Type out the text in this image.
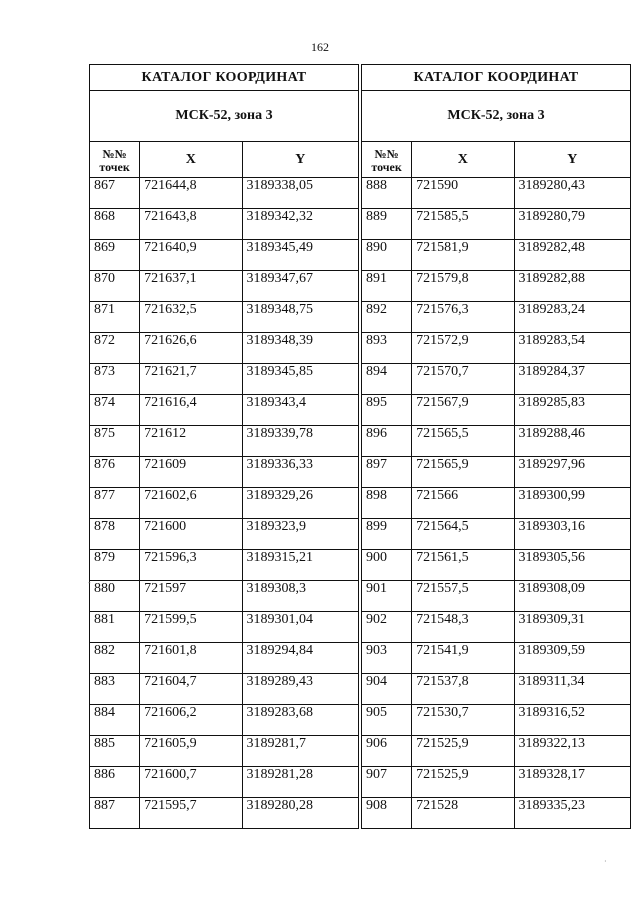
162
КАТАЛОГ КООРДИНАТ		
МСК-52, зона 3		
№№ точек	X	Y
867	721644,8	3189338,05
868	721643,8	3189342,32
869	721640,9	3189345,49
870	721637,1	3189347,67
871	721632,5	3189348,75
872	721626,6	3189348,39
873	721621,7	3189345,85
874	721616,4	3189343,4
875	721612	3189339,78
876	721609	3189336,33
877	721602,6	3189329,26
878	721600	3189323,9
879	721596,3	3189315,21
880	721597	3189308,3
881	721599,5	3189301,04
882	721601,8	3189294,84
883	721604,7	3189289,43
884	721606,2	3189283,68
885	721605,9	3189281,7
886	721600,7	3189281,28
887	721595,7	3189280,28
КАТАЛОГ КООРДИНАТ		
МСК-52, зона 3		
№№ точек	X	Y
888	721590	3189280,43
889	721585,5	3189280,79
890	721581,9	3189282,48
891	721579,8	3189282,88
892	721576,3	3189283,24
893	721572,9	3189283,54
894	721570,7	3189284,37
895	721567,9	3189285,83
896	721565,5	3189288,46
897	721565,9	3189297,96
898	721566	3189300,99
899	721564,5	3189303,16
900	721561,5	3189305,56
901	721557,5	3189308,09
902	721548,3	3189309,31
903	721541,9	3189309,59
904	721537,8	3189311,34
905	721530,7	3189316,52
906	721525,9	3189322,13
907	721525,9	3189328,17
908	721528	3189335,23
-
·
